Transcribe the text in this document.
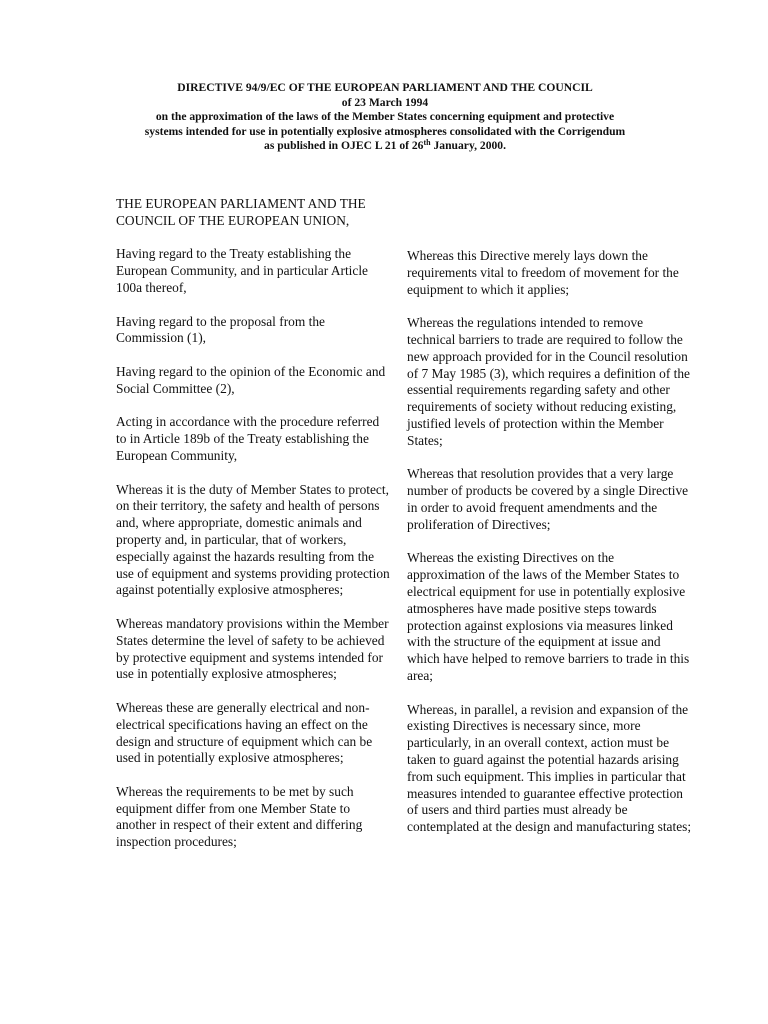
DIRECTIVE 94/9/EC OF THE EUROPEAN PARLIAMENT AND THE COUNCIL
of 23 March 1994
on the approximation of the laws of the Member States concerning equipment and protective
systems intended for use in potentially explosive atmospheres consolidated with the Corrigendum
as published in OJEC L 21 of 26th January, 2000.

THE EUROPEAN PARLIAMENT AND THE COUNCIL OF THE EUROPEAN UNION,

Having regard to the Treaty establishing the European Community, and in particular Article 100a thereof,

Having regard to the proposal from the Commission (1),

Having regard to the opinion of the Economic and Social Committee (2),

Acting in accordance with the procedure referred to in Article 189b of the Treaty establishing the European Community,

Whereas it is the duty of Member States to protect, on their territory, the safety and health of persons and, where appropriate, domestic animals and property and, in particular, that of workers, especially against the hazards resulting from the use of equipment and systems providing protection against potentially explosive atmospheres;

Whereas mandatory provisions within the Member States determine the level of safety to be achieved by protective equipment and systems intended for use in potentially explosive atmospheres;

Whereas these are generally electrical and non-electrical specifications having an effect on the design and structure of equipment which can be used in potentially explosive atmospheres;

Whereas the requirements to be met by such equipment differ from one Member State to another in respect of their extent and differing inspection procedures;

Whereas this Directive merely lays down the requirements vital to freedom of movement for the equipment to which it applies;

Whereas the regulations intended to remove technical barriers to trade are required to follow the new approach provided for in the Council resolution of 7 May 1985 (3), which requires a definition of the essential requirements regarding safety and other requirements of society without reducing existing, justified levels of protection within the Member States;

Whereas that resolution provides that a very large number of products be covered by a single Directive in order to avoid frequent amendments and the proliferation of Directives;

Whereas the existing Directives on the approximation of the laws of the Member States to electrical equipment for use in potentially explosive atmospheres have made positive steps towards protection against explosions via measures linked with the structure of the equipment at issue and which have helped to remove barriers to trade in this area;

Whereas, in parallel, a revision and expansion of the existing Directives is necessary since, more particularly, in an overall context, action must be taken to guard against the potential hazards arising from such equipment. This implies in particular that measures intended to guarantee effective protection of users and third parties must already be contemplated at the design and manufacturing states;
